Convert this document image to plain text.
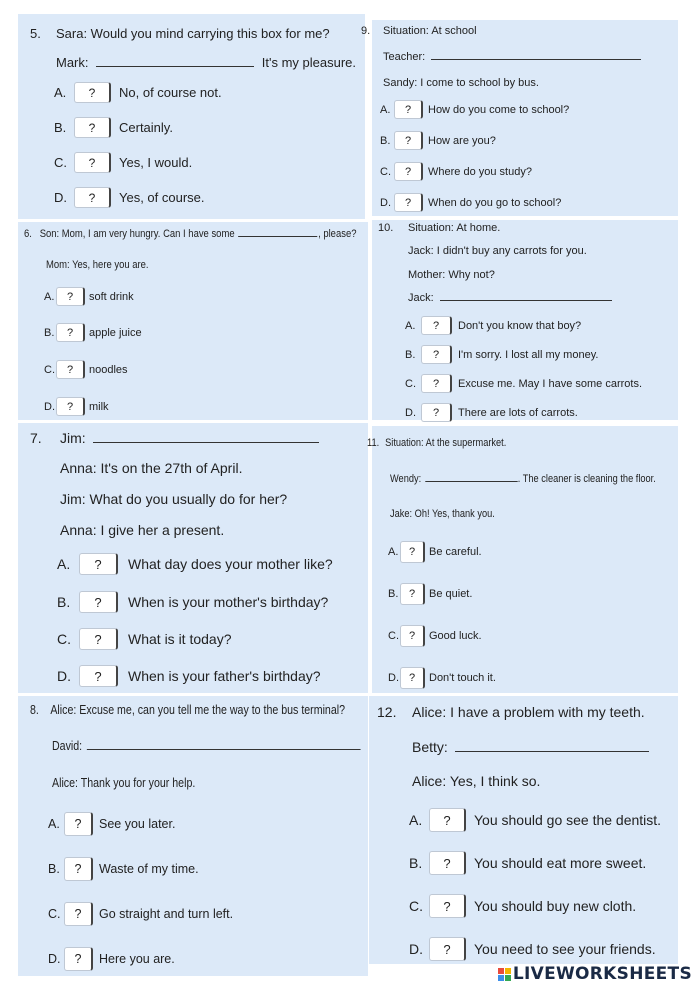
5. Sara: Would you mind carrying this box for me?
Mark:	It's my pleasure.
A.	?	No, of course not.
B.	?	Certainly.
C.	?	Yes, I would.
D.	?	Yes, of course.
9. Situation: At school
Teacher:
Sandy: I come to school by bus.
A.	?	How do you come to school?
B.	?	How are you?
C.	?	Where do you study?
D.	?	When do you go to school?
6. Son: Mom, I am very hungry. Can I have some	, please?
Mom: Yes, here you are.
A.	?	soft drink
B.	?	apple juice
C.	?	noodles
D.	?	milk
10. Situation: At home.
Jack: I didn't buy any carrots for you.
Mother: Why not?
Jack:
A.	?	Don't you know that boy?
B.	?	I'm sorry. I lost all my money.
C.	?	Excuse me. May I have some carrots.
D.	?	There are lots of carrots.
7. Jim:
Anna: It's on the 27th of April.
Jim: What do you usually do for her?
Anna: I give her a present.
A.	?	What day does your mother like?
B.	?	When is your mother's birthday?
C.	?	What is it today?
D.	?	When is your father's birthday?
11. Situation: At the supermarket.
Wendy:	. The cleaner is cleaning the floor.
Jake: Oh! Yes, thank you.
A. ?	Be careful.
B. ?	Be quiet.
C. ?	Good luck.
D. ?	Don't touch it.
8. Alice: Excuse me, can you tell me the way to the bus terminal?
David:
Alice: Thank you for your help.
A.	?	See you later.
B.	?	Waste of my time.
C.	?	Go straight and turn left.
D.	?	Here you are.
12. Alice: I have a problem with my teeth.
Betty:
Alice: Yes, I think so.
A.	?	You should go see the dentist.
B.	?	You should eat more sweet.
C.	?	You should buy new cloth.
D.	?	You need to see your friends.
LIVEWORKSHEETS
